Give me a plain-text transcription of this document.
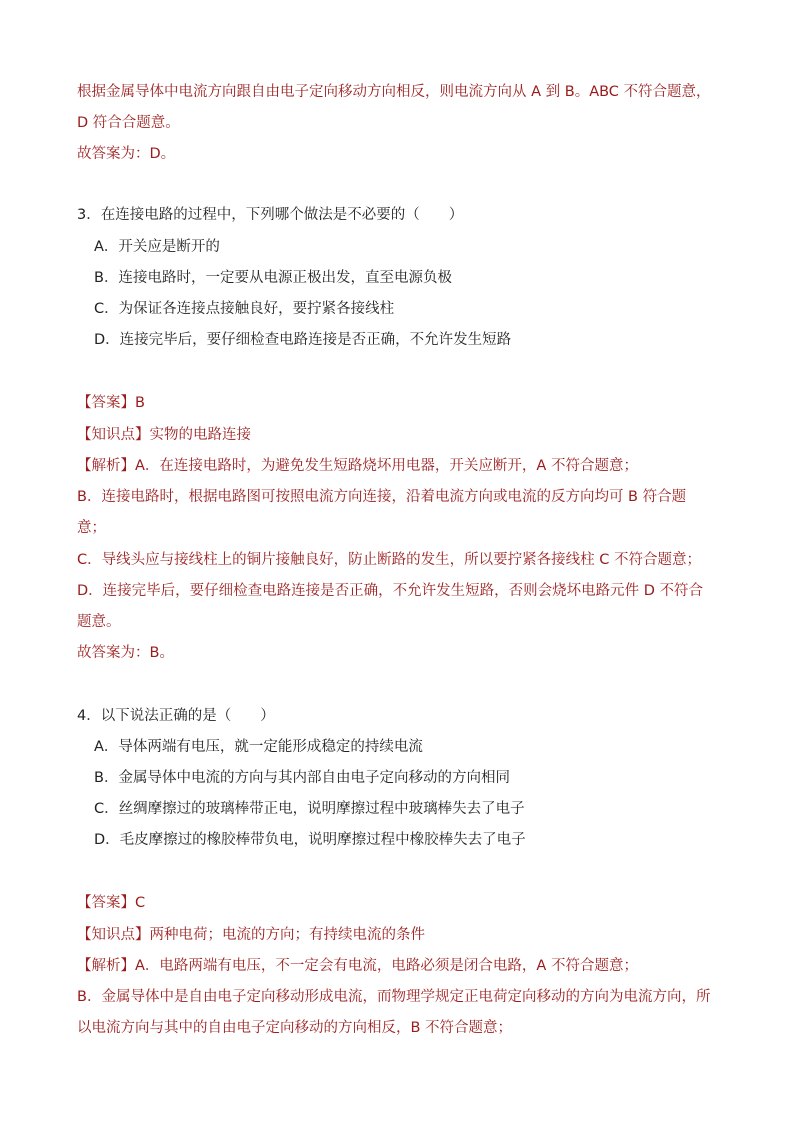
根据金属导体中电流方向跟自由电子定向移动方向相反，则电流方向从 A 到 B。ABC 不符合题意，
D 符合合题意。
故答案为：D。
3．在连接电路的过程中，下列哪个做法是不必要的（　　）
A．开关应是断开的
B．连接电路时，一定要从电源正极出发，直至电源负极
C．为保证各连接点接触良好，要拧紧各接线柱
D．连接完毕后，要仔细检查电路连接是否正确，不允许发生短路
【答案】B
【知识点】实物的电路连接
【解析】A．在连接电路时，为避免发生短路烧坏用电器，开关应断开，A 不符合题意；
B．连接电路时，根据电路图可按照电流方向连接，沿着电流方向或电流的反方向均可 B 符合题
意；
C．导线头应与接线柱上的铜片接触良好，防止断路的发生，所以要拧紧各接线柱 C 不符合题意；
D．连接完毕后，要仔细检查电路连接是否正确，不允许发生短路，否则会烧坏电路元件 D 不符合
题意。
故答案为：B。
4．以下说法正确的是（　　）
A．导体两端有电压，就一定能形成稳定的持续电流
B．金属导体中电流的方向与其内部自由电子定向移动的方向相同
C．丝绸摩擦过的玻璃棒带正电，说明摩擦过程中玻璃棒失去了电子
D．毛皮摩擦过的橡胶棒带负电，说明摩擦过程中橡胶棒失去了电子
【答案】C
【知识点】两种电荷；电流的方向；有持续电流的条件
【解析】A．电路两端有电压，不一定会有电流，电路必须是闭合电路，A 不符合题意；
B．金属导体中是自由电子定向移动形成电流，而物理学规定正电荷定向移动的方向为电流方向，所
以电流方向与其中的自由电子定向移动的方向相反，B 不符合题意；
